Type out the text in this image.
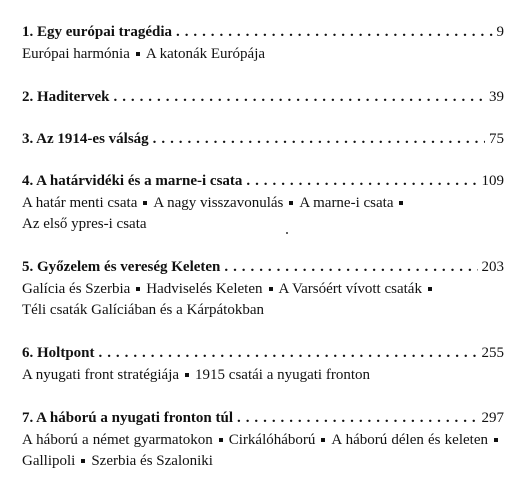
1. Egy európai tragédia . . .	9
Európai harmónia A katonák Európája
2. Haditervek . . .	39
3. Az 1914-es válság . . .	75
4. A határvidéki és a marne-i csata . . .	109
A határ menti csata A nagy visszavonulás A marne-i csata
Az első ypres-i csata
5. Győzelem és vereség Keleten . . .	203
Galícia és Szerbia Hadviselés Keleten A Varsóért vívott csaták
Téli csaták Galíciában és a Kárpátokban
6. Holtpont . . .	255
A nyugati front stratégiája 1915 csatái a nyugati fronton
7. A háború a nyugati fronton túl . . .	297
A háború a német gyarmatokon Cirkálóháború A háború délen és keletenGallipoli Szerbia és Szaloniki
